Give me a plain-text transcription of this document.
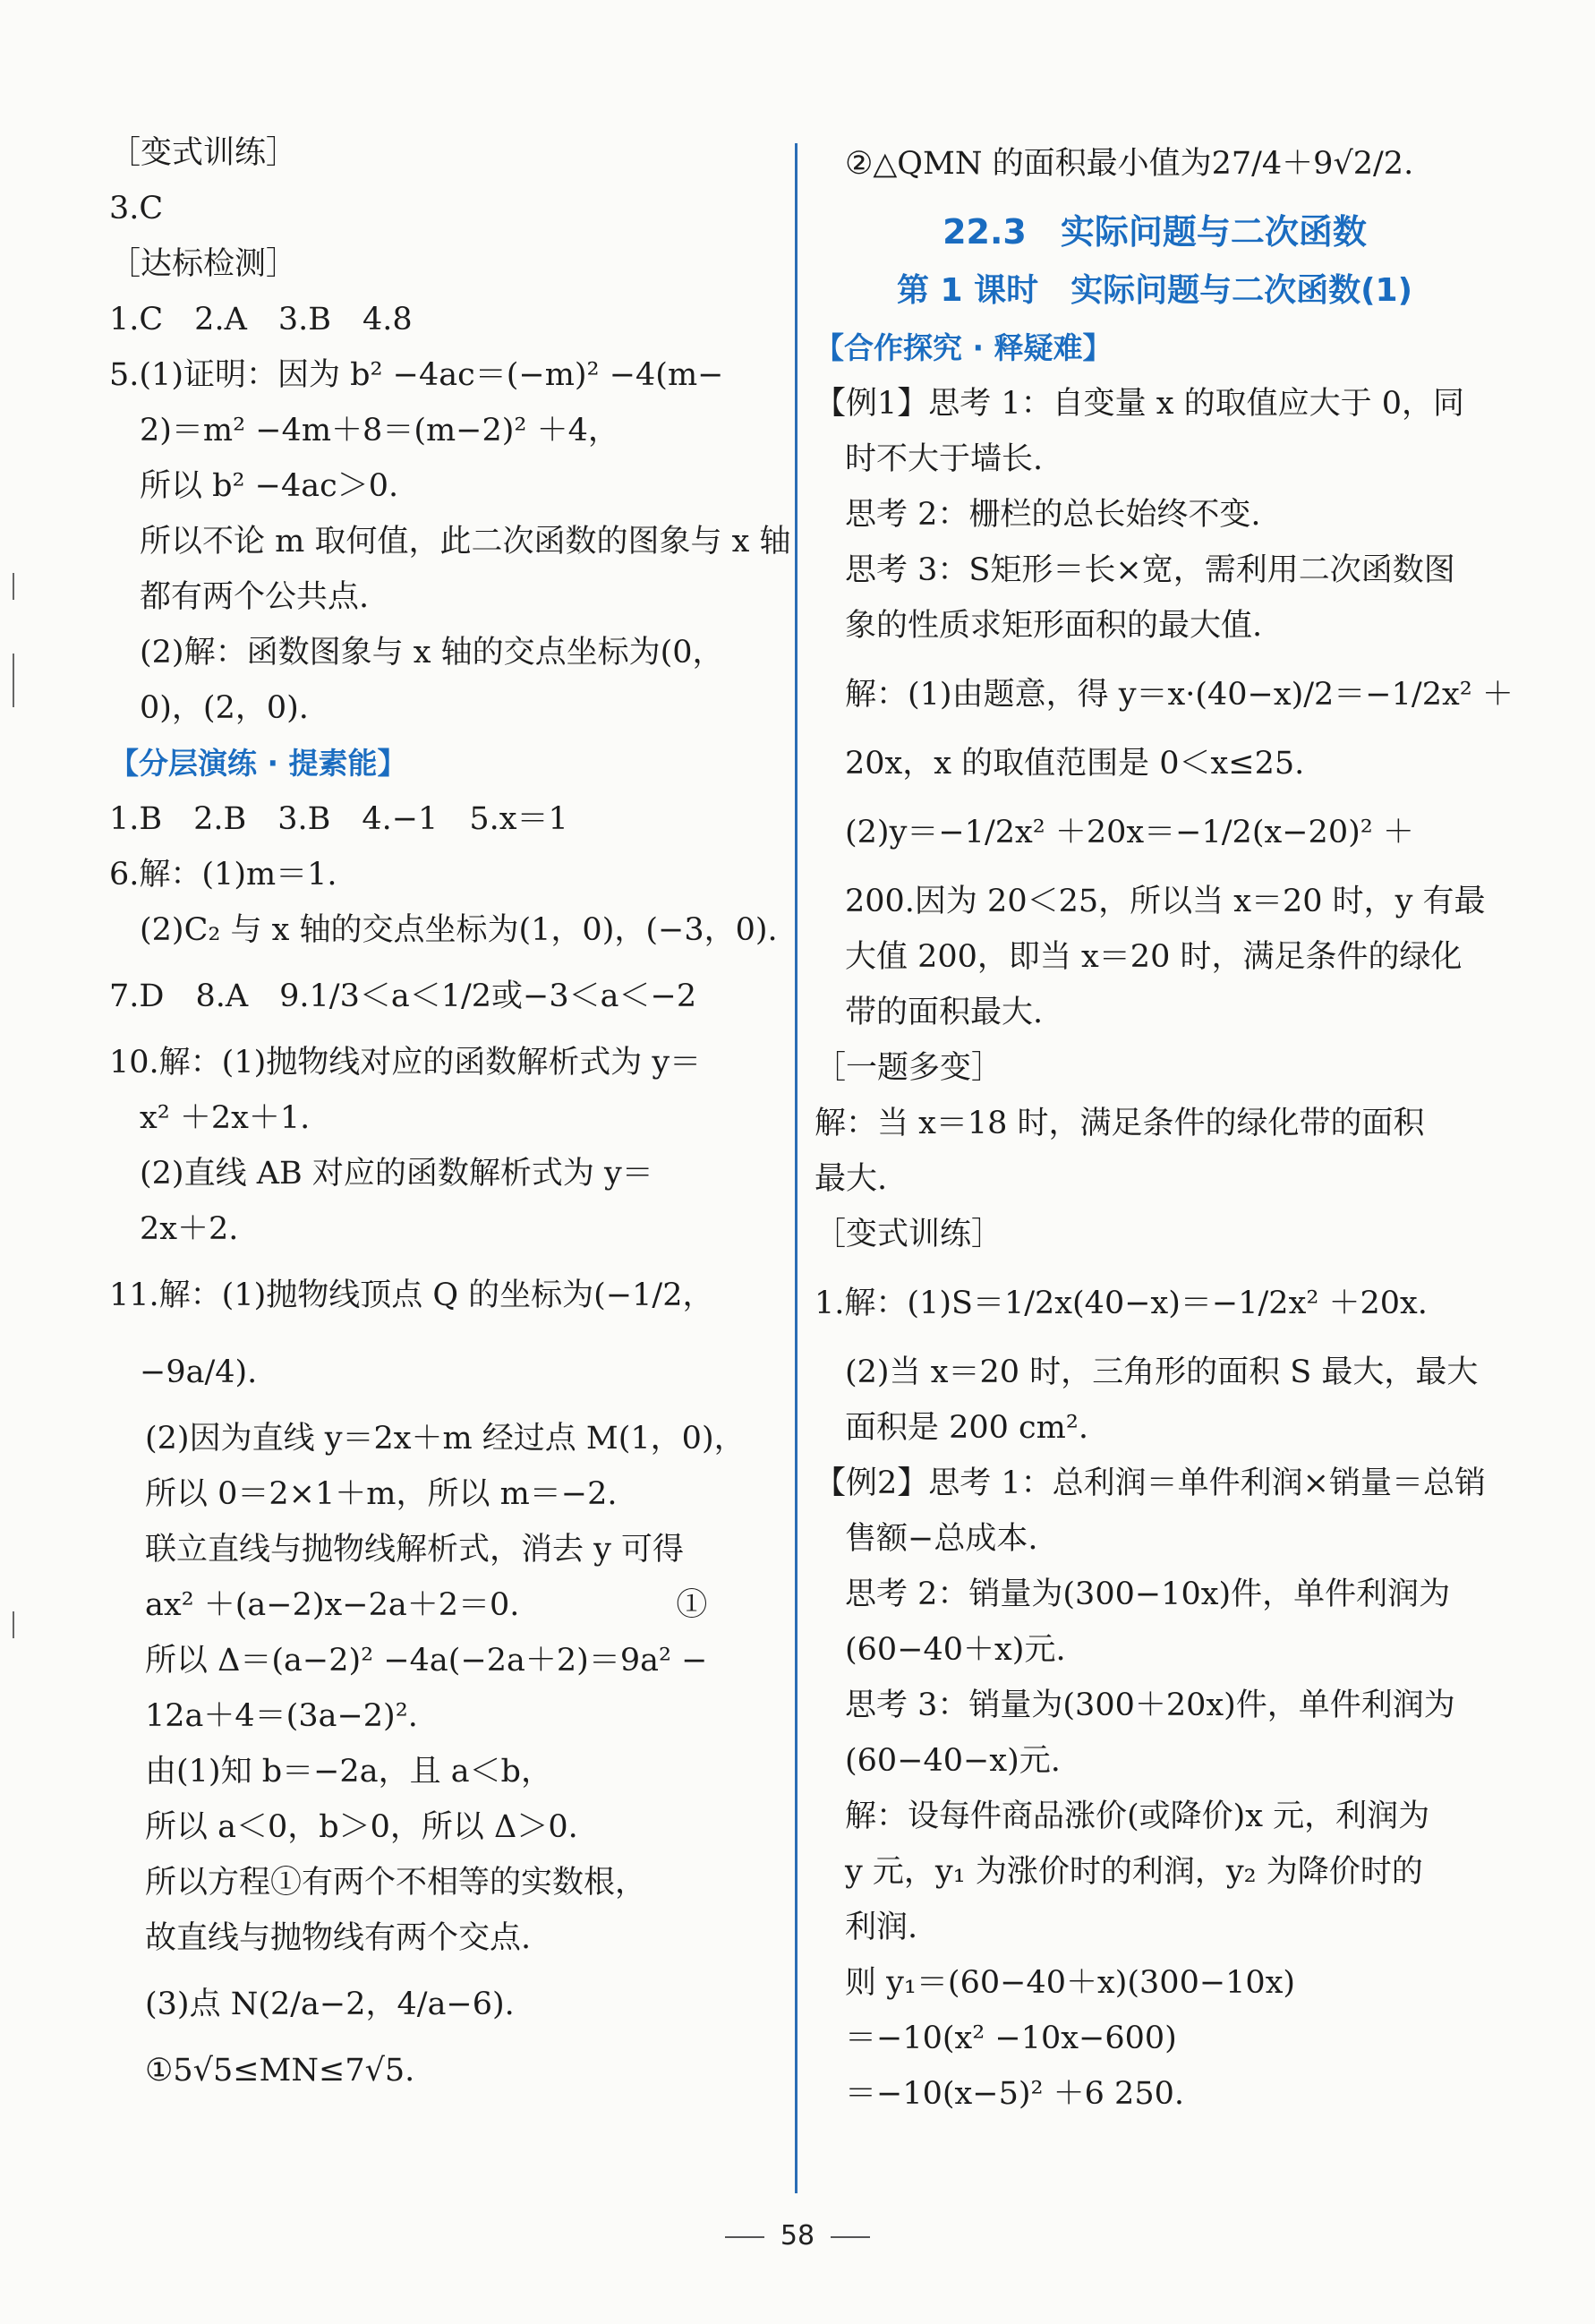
［变式训练］
3.C
［达标检测］
1.C　2.A　3.B　4.8
5.(1)证明：因为 b² −4ac＝(−m)² −4(m−
2)＝m² −4m＋8＝(m−2)² ＋4，
所以 b² −4ac＞0.
所以不论 m 取何值，此二次函数的图象与 x 轴
都有两个公共点.
(2)解：函数图象与 x 轴的交点坐标为(0，
0)，(2，0).
【分层演练 · 提素能】
1.B　2.B　3.B　4.−1　5.x＝1
6.解：(1)m＝1.
(2)C₂ 与 x 轴的交点坐标为(1，0)，(−3，0).
7.D　8.A　9.1/3＜a＜1/2或−3＜a＜−2
10.解：(1)抛物线对应的函数解析式为 y＝
x² ＋2x＋1.
(2)直线 AB 对应的函数解析式为 y＝
2x＋2.
11.解：(1)抛物线顶点 Q 的坐标为(−1/2，
−9a/4).
(2)因为直线 y＝2x＋m 经过点 M(1，0)，
所以 0＝2×1＋m，所以 m＝−2.
联立直线与抛物线解析式，消去 y 可得
ax² ＋(a−2)x−2a＋2＝0.　　　　　①
所以 Δ＝(a−2)² −4a(−2a＋2)＝9a² −
12a＋4＝(3a−2)².
由(1)知 b＝−2a，且 a＜b，
所以 a＜0，b＞0，所以 Δ＞0.
所以方程①有两个不相等的实数根，
故直线与抛物线有两个交点.
(3)点 N(2/a−2，4/a−6).
①5√5≤MN≤7√5.
②△QMN 的面积最小值为27/4＋9√2/2.
22.3　实际问题与二次函数
第 1 课时　实际问题与二次函数(1)
【合作探究 · 释疑难】
【例1】思考 1：自变量 x 的取值应大于 0，同
时不大于墙长.
思考 2：栅栏的总长始终不变.
思考 3：S矩形＝长×宽，需利用二次函数图
象的性质求矩形面积的最大值.
解：(1)由题意，得 y＝x·(40−x)/2＝−1/2x² ＋
20x，x 的取值范围是 0＜x≤25.
(2)y＝−1/2x² ＋20x＝−1/2(x−20)² ＋
200.因为 20＜25，所以当 x＝20 时，y 有最
大值 200，即当 x＝20 时，满足条件的绿化
带的面积最大.
［一题多变］
解：当 x＝18 时，满足条件的绿化带的面积
最大.
［变式训练］
1.解：(1)S＝1/2x(40−x)＝−1/2x² ＋20x.
(2)当 x＝20 时，三角形的面积 S 最大，最大
面积是 200 cm².
【例2】思考 1：总利润＝单件利润×销量＝总销
售额−总成本.
思考 2：销量为(300−10x)件，单件利润为
(60−40＋x)元.
思考 3：销量为(300＋20x)件，单件利润为
(60−40−x)元.
解：设每件商品涨价(或降价)x 元，利润为
y 元，y₁ 为涨价时的利润，y₂ 为降价时的
利润.
则 y₁＝(60−40＋x)(300−10x)
＝−10(x² −10x−600)
＝−10(x−5)² ＋6 250.
58
